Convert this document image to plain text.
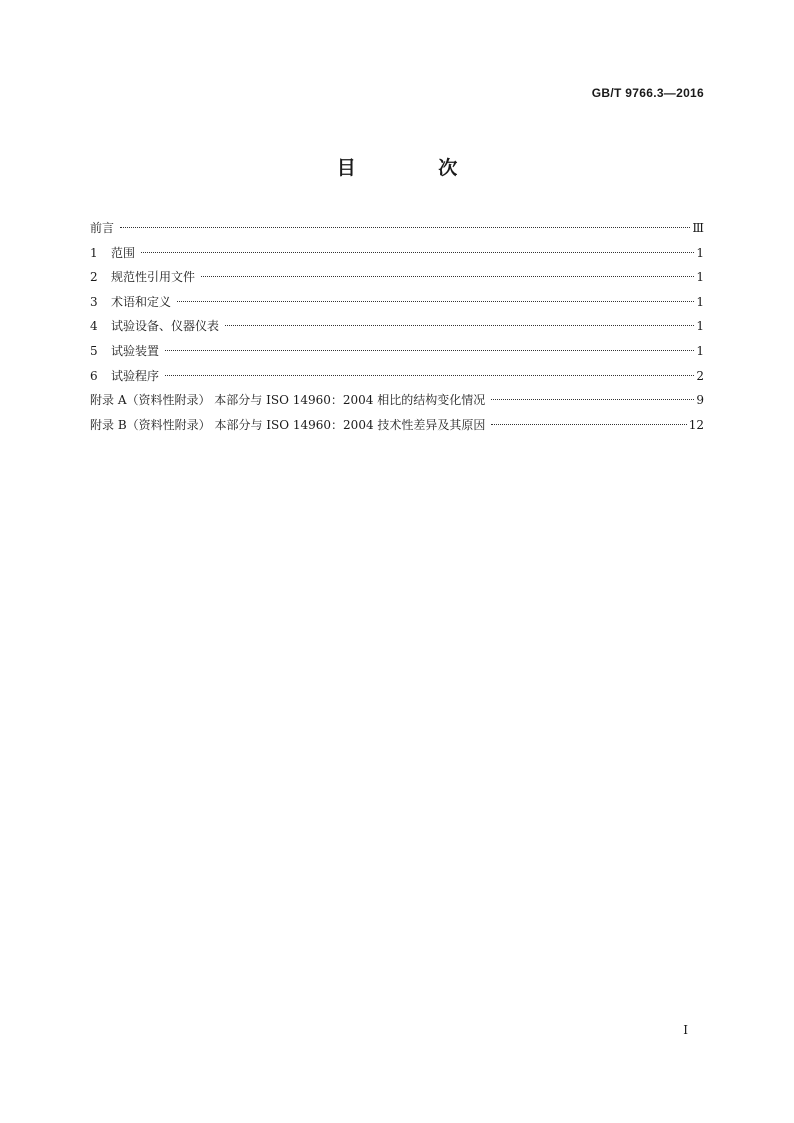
GB/T 9766.3—2016
目 次
前言	Ⅲ
1	范围	1
2	规范性引用文件	1
3	术语和定义	1
4	试验设备、仪器仪表	1
5	试验装置	1
6	试验程序	2
附录 A（资料性附录） 本部分与 ISO 14960：2004 相比的结构变化情况	9
附录 B（资料性附录） 本部分与 ISO 14960：2004 技术性差异及其原因	12
I
